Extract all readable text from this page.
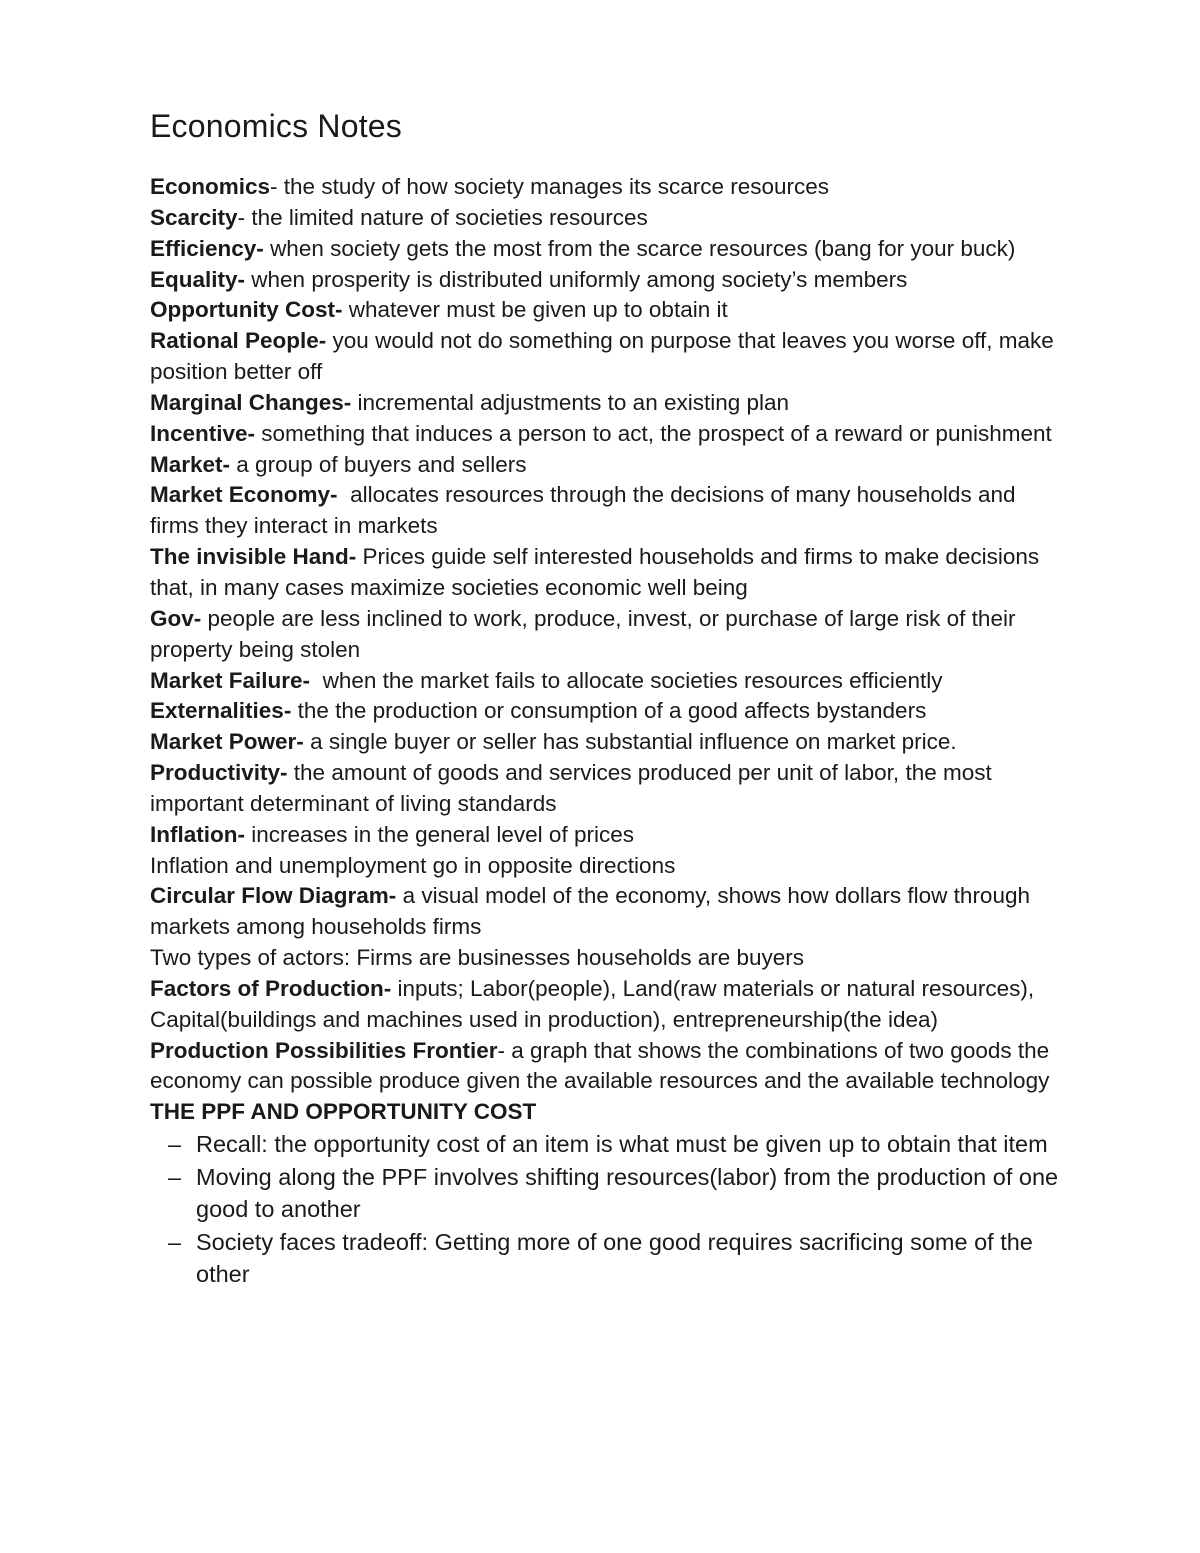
Economics Notes

Economics- the study of how society manages its scarce resources

Scarcity- the limited nature of societies resources

Efficiency- when society gets the most from the scarce resources (bang for your buck)

Equality- when prosperity is distributed uniformly among society’s members

Opportunity Cost- whatever must be given up to obtain it

Rational People- you would not do something on purpose that leaves you worse off, make position better off

Marginal Changes- incremental adjustments to an existing plan

Incentive- something that induces a person to act, the prospect of a reward or punishment

Market- a group of buyers and sellers

Market Economy- allocates resources through the decisions of many households and firms they interact in markets

The invisible Hand- Prices guide self interested households and firms to make decisions that, in many cases maximize societies economic well being

Gov- people are less inclined to work, produce, invest, or purchase of large risk of their property being stolen

Market Failure- when the market fails to allocate societies resources efficiently

Externalities- the the production or consumption of a good affects bystanders

Market Power- a single buyer or seller has substantial influence on market price.

Productivity- the amount of goods and services produced per unit of labor, the most important determinant of living standards

Inflation- increases in the general level of prices

Inflation and unemployment go in opposite directions

Circular Flow Diagram- a visual model of the economy, shows how dollars flow through markets among households firms

Two types of actors: Firms are businesses households are buyers

Factors of Production- inputs; Labor(people), Land(raw materials or natural resources), Capital(buildings and machines used in production), entrepreneurship(the idea)

Production Possibilities Frontier- a graph that shows the combinations of two goods the economy can possible produce given the available resources and the available technology

THE PPF AND OPPORTUNITY COST

– Recall: the opportunity cost of an item is what must be given up to obtain that item
– Moving along the PPF involves shifting resources(labor) from the production of one good to another
– Society faces tradeoff: Getting more of one good requires sacrificing some of the other
